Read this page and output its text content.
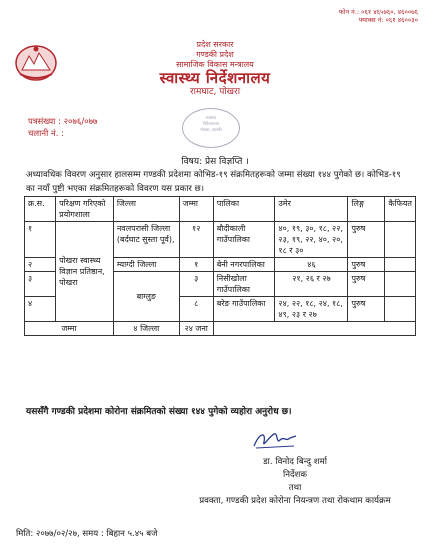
फोन नं.: ०६१ ४६५७६०, ४६००७६
फ्याक्स नं: ०६१ ४६००३०
प्रदेश सरकार
गण्डकी प्रदेश
सामाजिक विकास मन्त्रालय
स्वास्थ्य निर्देशनालय
रामघाट, पोखरा
पत्रसंख्या : २०७६/०७७
चलानी नं. :
स्वास्थ्य
निर्देशनालय
पोखरा, कास्की
विषय: प्रेस विज्ञप्ति ।
अध्यावधिक विवरण अनुसार हालसम्म गण्डकी प्रदेशमा कोभिड-१९ संक्रमितहरूको जम्मा संख्या १४४ पुगेको छ। कोभिड-१९ का नयाँ पुष्टी भएका संक्रमितहरूको विवरण यस प्रकार छ।
क्र.स.	परिक्षण गरिएको प्रयोगशाला	जिल्ला	जम्मा	पालिका	उमेर	लिङ्ग	कैफियत
१	पोखरा स्वास्थ्य विज्ञान प्रतिष्ठान, पोखरा	नवलपरासी जिल्ला (बर्दघाट सुस्ता पूर्व),	१२	बौदीकाली गाउँपालिका	४०, १९, ३०, १८, २२, २३, १९, २२, ४०, २०, १८ र ३०	पुरुष	
२		म्याग्दी जिल्ला	१	बेनी नगरपालिका	४६	पुरुष	
३		बाग्लुङ	३	निसीखोला गाउँपालिका	२१, २६ र २७	पुरुष	
४			८	बरेङ गाउँपालिका	२४, २२, १८, २४, १८, ४९, २३ र २७	पुरुष	
जम्मा		४ जिल्ला	२४ जना				
यससँगै गण्डकी प्रदेशमा कोरोना संक्रमितको संख्या १४४ पुगेको व्यहोरा अनुरोध छ।
डा. विनोद बिन्दु शर्मा
निर्देशक
तथा
प्रवक्ता, गण्डकी प्रदेश कोरोना नियन्त्रण तथा रोकथाम कार्यक्रम
मिति: २०७७/०२/२७, समय : बिहान ५.४५ बजे
